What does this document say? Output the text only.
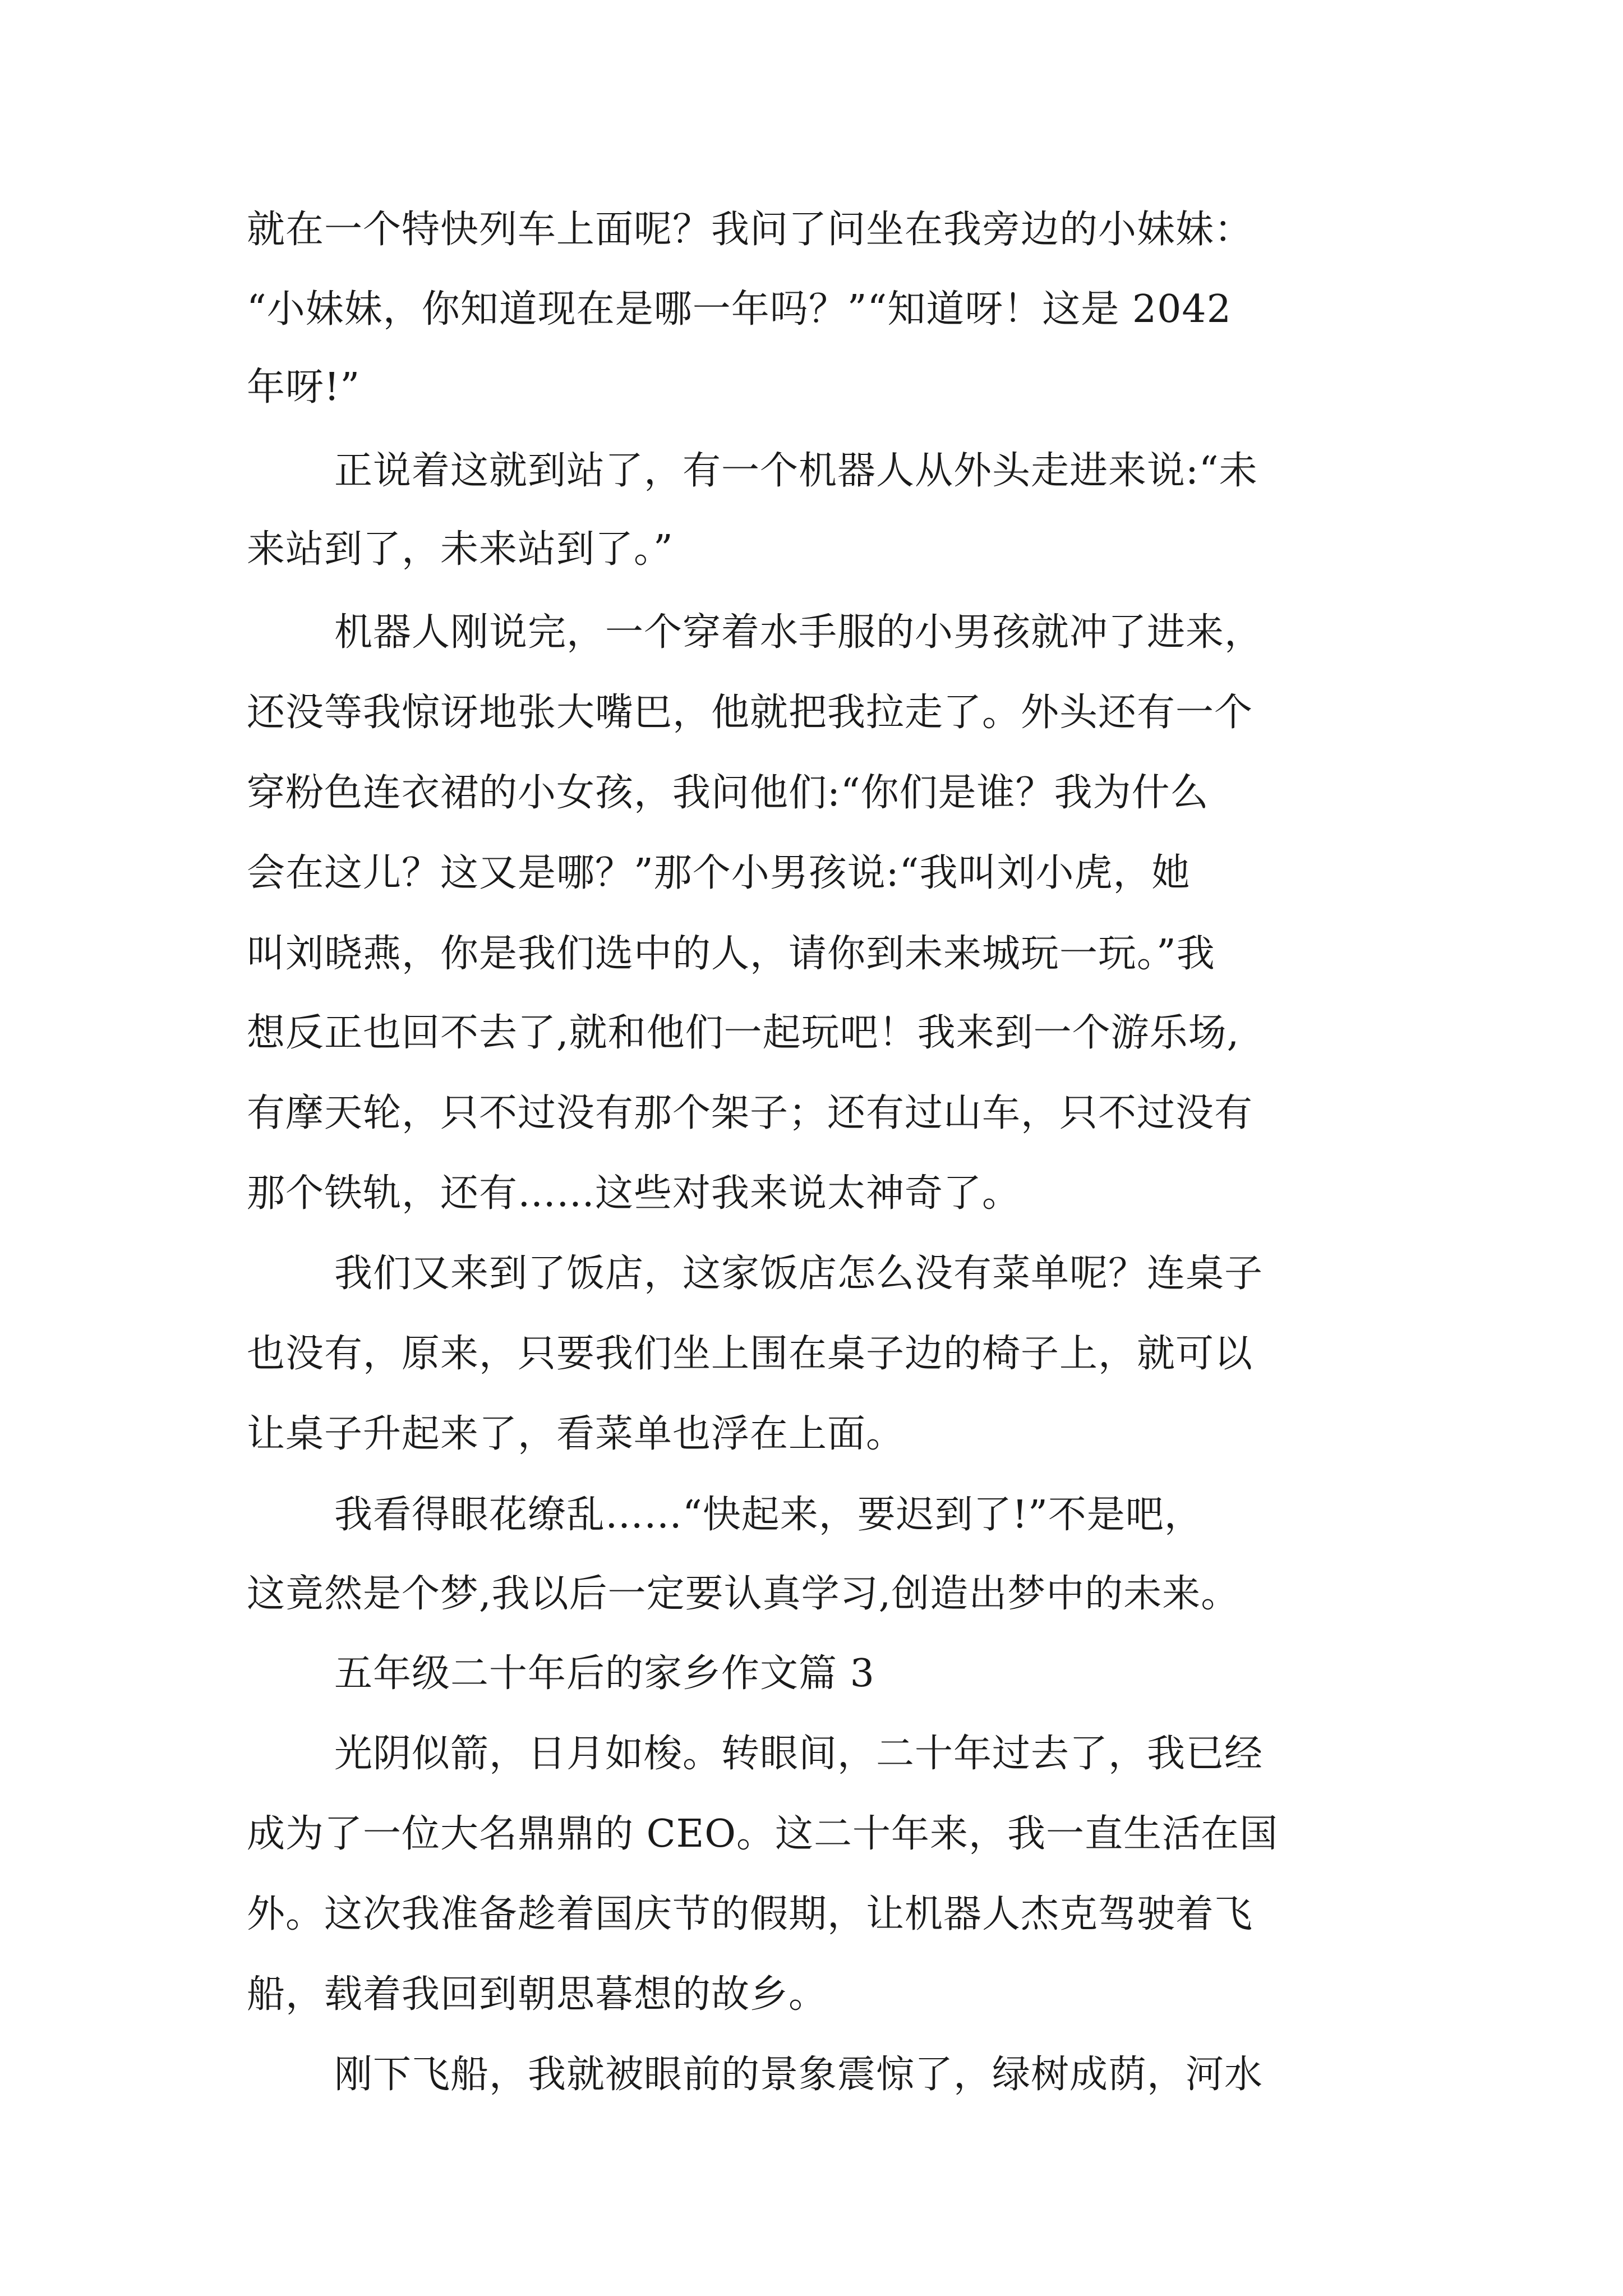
就在一个特快列车上面呢？我问了问坐在我旁边的小妹妹：
“小妹妹，你知道现在是哪一年吗？”“知道呀！这是 2042
年呀!”
正说着这就到站了，有一个机器人从外头走进来说:“未
来站到了，未来站到了。”
机器人刚说完，一个穿着水手服的小男孩就冲了进来，
还没等我惊讶地张大嘴巴，他就把我拉走了。外头还有一个
穿粉色连衣裙的小女孩，我问他们:“你们是谁？我为什么
会在这儿？这又是哪？”那个小男孩说:“我叫刘小虎，她
叫刘晓燕，你是我们选中的人，请你到未来城玩一玩。”我
想反正也回不去了,就和他们一起玩吧！我来到一个游乐场,
有摩天轮，只不过没有那个架子；还有过山车，只不过没有
那个铁轨，还有……这些对我来说太神奇了。
我们又来到了饭店，这家饭店怎么没有菜单呢？连桌子
也没有，原来，只要我们坐上围在桌子边的椅子上，就可以
让桌子升起来了，看菜单也浮在上面。
我看得眼花缭乱……“快起来，要迟到了!”不是吧，
这竟然是个梦,我以后一定要认真学习,创造出梦中的未来。
五年级二十年后的家乡作文篇 3
光阴似箭，日月如梭。转眼间，二十年过去了，我已经
成为了一位大名鼎鼎的 CEO。这二十年来，我一直生活在国
外。这次我准备趁着国庆节的假期，让机器人杰克驾驶着飞
船，载着我回到朝思暮想的故乡。
刚下飞船，我就被眼前的景象震惊了，绿树成荫，河水
